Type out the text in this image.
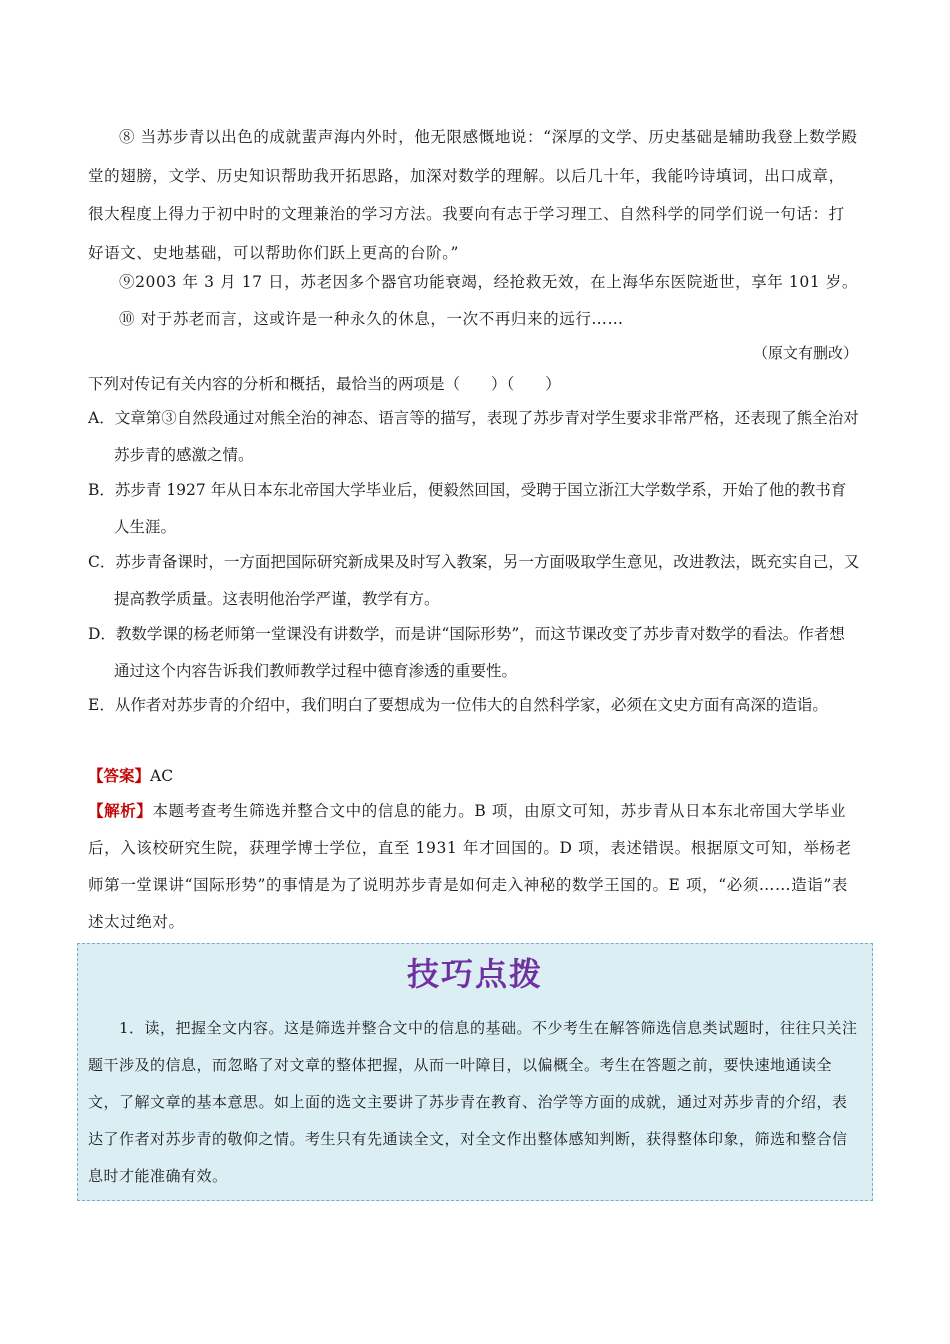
⑧ 当苏步青以出色的成就蜚声海内外时，他无限感慨地说：“深厚的文学、历史基础是辅助我登上数学殿堂的翅膀，文学、历史知识帮助我开拓思路，加深对数学的理解。以后几十年，我能吟诗填词，出口成章，很大程度上得力于初中时的文理兼治的学习方法。我要向有志于学习理工、自然科学的同学们说一句话：打好语文、史地基础，可以帮助你们跃上更高的台阶。”

⑨2003 年 3 月 17 日，苏老因多个器官功能衰竭，经抢救无效，在上海华东医院逝世，享年 101 岁。

⑩ 对于苏老而言，这或许是一种永久的休息，一次不再归来的远行……

（原文有删改）

下列对传记有关内容的分析和概括，最恰当的两项是（　　）（　　）

A．文章第③自然段通过对熊全治的神态、语言等的描写，表现了苏步青对学生要求非常严格，还表现了熊全治对苏步青的感激之情。

B．苏步青 1927 年从日本东北帝国大学毕业后，便毅然回国，受聘于国立浙江大学数学系，开始了他的教书育人生涯。

C．苏步青备课时，一方面把国际研究新成果及时写入教案，另一方面吸取学生意见，改进教法，既充实自己，又提高教学质量。这表明他治学严谨，教学有方。

D．教数学课的杨老师第一堂课没有讲数学，而是讲“国际形势”，而这节课改变了苏步青对数学的看法。作者想通过这个内容告诉我们教师教学过程中德育渗透的重要性。

E．从作者对苏步青的介绍中，我们明白了要想成为一位伟大的自然科学家，必须在文史方面有高深的造诣。

【答案】AC

【解析】本题考查考生筛选并整合文中的信息的能力。B 项，由原文可知，苏步青从日本东北帝国大学毕业后，入该校研究生院，获理学博士学位，直至 1931 年才回国的。D 项，表述错误。根据原文可知，举杨老师第一堂课讲“国际形势”的事情是为了说明苏步青是如何走入神秘的数学王国的。E 项，“必须……造诣”表述太过绝对。

技巧点拨

1．读，把握全文内容。这是筛选并整合文中的信息的基础。不少考生在解答筛选信息类试题时，往往只关注题干涉及的信息，而忽略了对文章的整体把握，从而一叶障目，以偏概全。考生在答题之前，要快速地通读全文，了解文章的基本意思。如上面的选文主要讲了苏步青在教育、治学等方面的成就，通过对苏步青的介绍，表达了作者对苏步青的敬仰之情。考生只有先通读全文，对全文作出整体感知判断，获得整体印象，筛选和整合信息时才能准确有效。
